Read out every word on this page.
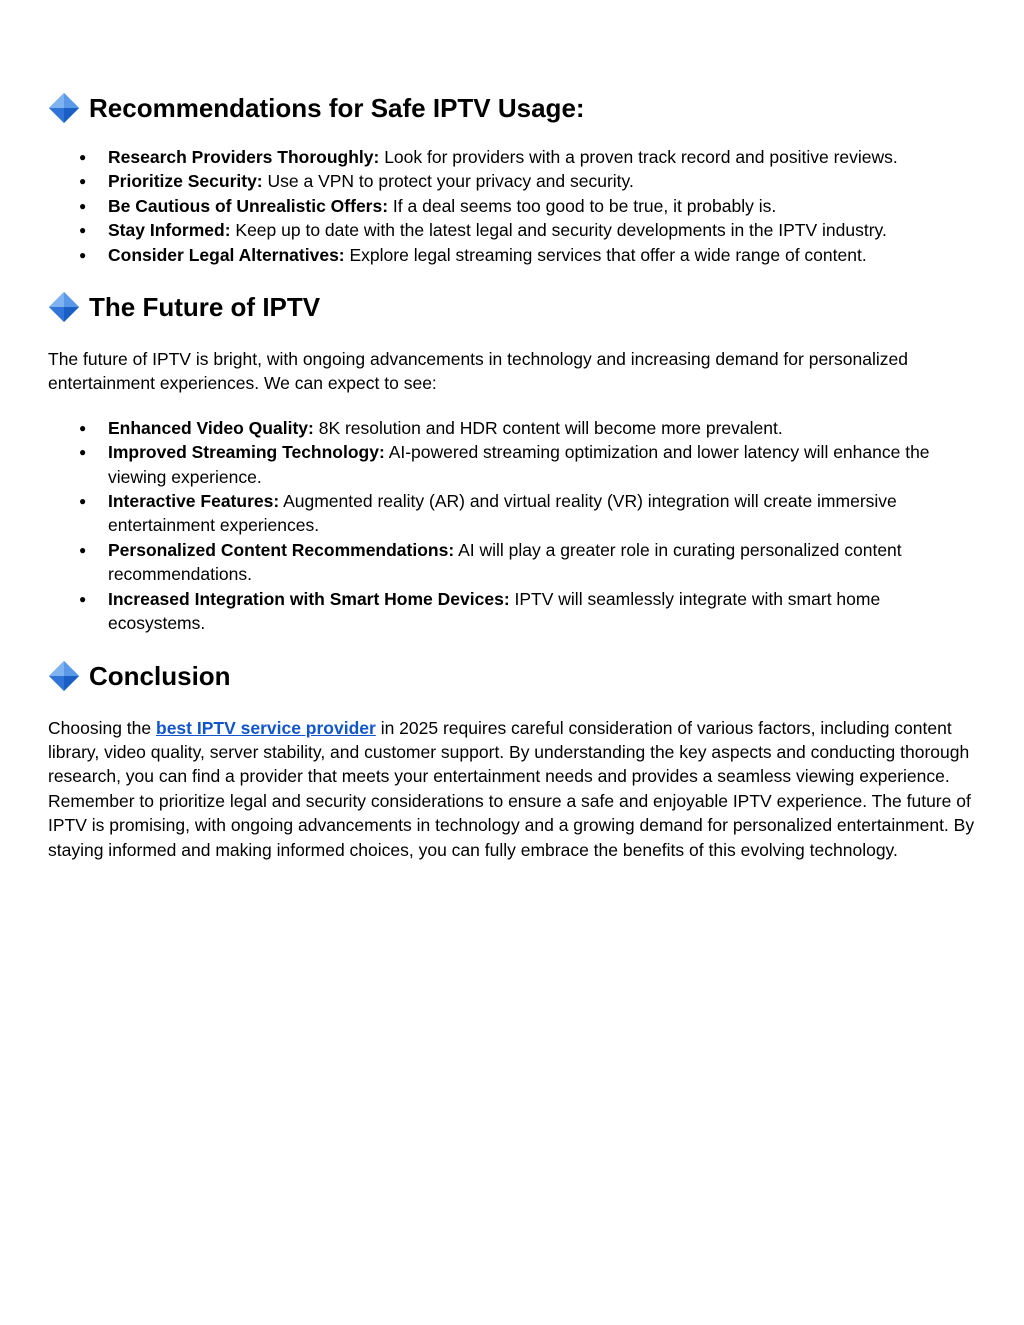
Recommendations for Safe IPTV Usage:
● Research Providers Thoroughly: Look for providers with a proven track record and positive reviews.
● Prioritize Security: Use a VPN to protect your privacy and security.
● Be Cautious of Unrealistic Offers: If a deal seems too good to be true, it probably is.
● Stay Informed: Keep up to date with the latest legal and security developments in the IPTV industry.
● Consider Legal Alternatives: Explore legal streaming services that offer a wide range of content.
The Future of IPTV

The future of IPTV is bright, with ongoing advancements in technology and increasing demand for personalized entertainment experiences. We can expect to see:

● Enhanced Video Quality: 8K resolution and HDR content will become more prevalent.
● Improved Streaming Technology: AI-powered streaming optimization and lower latency will enhance the viewing experience.
● Interactive Features: Augmented reality (AR) and virtual reality (VR) integration will create immersive entertainment experiences.
● Personalized Content Recommendations: AI will play a greater role in curating personalized content recommendations.
● Increased Integration with Smart Home Devices: IPTV will seamlessly integrate with smart home ecosystems.
Conclusion

Choosing the best IPTV service provider in 2025 requires careful consideration of various factors, including content library, video quality, server stability, and customer support. By understanding the key aspects and conducting thorough research, you can find a provider that meets your entertainment needs and provides a seamless viewing experience. Remember to prioritize legal and security considerations to ensure a safe and enjoyable IPTV experience. The future of IPTV is promising, with ongoing advancements in technology and a growing demand for personalized entertainment. By staying informed and making informed choices, you can fully embrace the benefits of this evolving technology.
